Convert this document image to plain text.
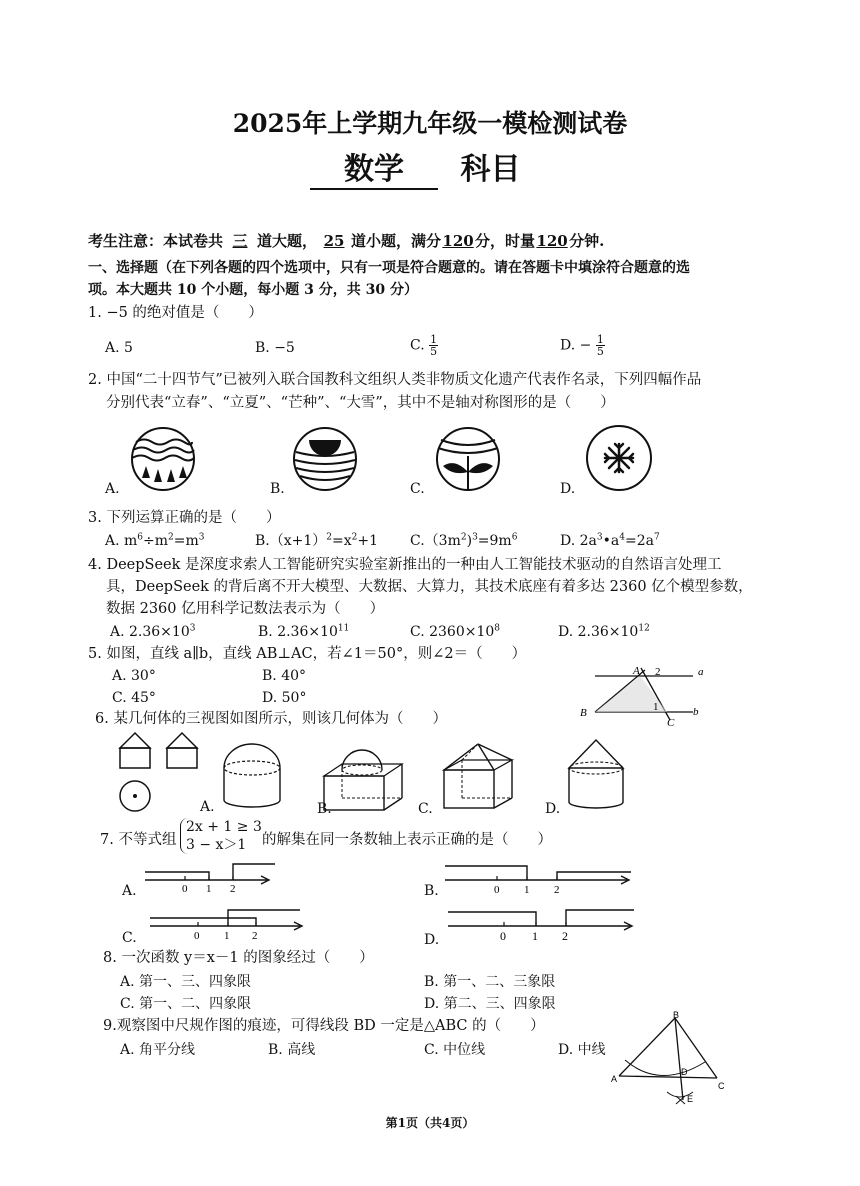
2025年上学期九年级一模检测试卷
数学 科目
考生注意：本试卷共 三 道大题， 25 道小题，满分120分，时量120分钟.
一、选择题（在下列各题的四个选项中，只有一项是符合题意的。请在答题卡中填涂符合题意的选
项。本大题共 10 个小题，每小题 3 分，共 30 分）
1. −5 的绝对值是（　　）
A. 5	B. −5	C. $\frac{1}{5}$	D. − $\frac{1}{5}$
2. 中国“二十四节气”已被列入联合国教科文组织人类非物质文化遗产代表作名录，下列四幅作品
分别代表“立春”、“立夏”、“芒种”、“大雪”，其中不是轴对称图形的是（　　）
A.	B.	C.	D.
3. 下列运算正确的是（　　）
A. $m^6\div m^2=m^3$	$B.(x+1)^2=x^2+1$ $C.(3m^2)^3=9m^6$	D. $2a^3•a^4=2a^7$
4. DeepSeek 是深度求索人工智能研究实验室新推出的一种由人工智能技术驱动的自然语言处理工
具，DeepSeek 的背后离不开大模型、大数据、大算力，其技术底座有着多达 2360 亿个模型参数，
数据 2360 亿用科学记数法表示为（　　）
A. $2.36\times 10^3$	B. $2.36\times 10^{11}$	C. $2360\times 10^8$	D. $2.36\times 10^{12}$
5. 如图，直线 a∥b，直线 AB⊥AC，若∠1＝50°，则∠2＝（　　）
A. 30°	B. 40°
C. 45°	D. 50°
A 2	a
B	1
C
b
6. 某几何体的三视图如图所示，则该几何体为（　　）
A.	B.	C.	D.
7. 不等式组
2x + 1 ≥ 3
3 − x＞1	的解集在同一条数轴上表示正确的是（　　）
A.	0 1 2	B.	0 1 2
C.	0 1 2	D.	0 1 2
8. 一次函数 y＝x－1 的图象经过（　　）
A. 第一、三、四象限	B. 第一、二、三象限
C. 第一、二、四象限	D. 第二、三、四象限
9.观察图中尺规作图的痕迹，可得线段 BD 一定是△ABC 的（　　）
A. 角平分线	B. 高线	C. 中位线	D. 中线
B
A
C
D
E
第1页（共4页）
